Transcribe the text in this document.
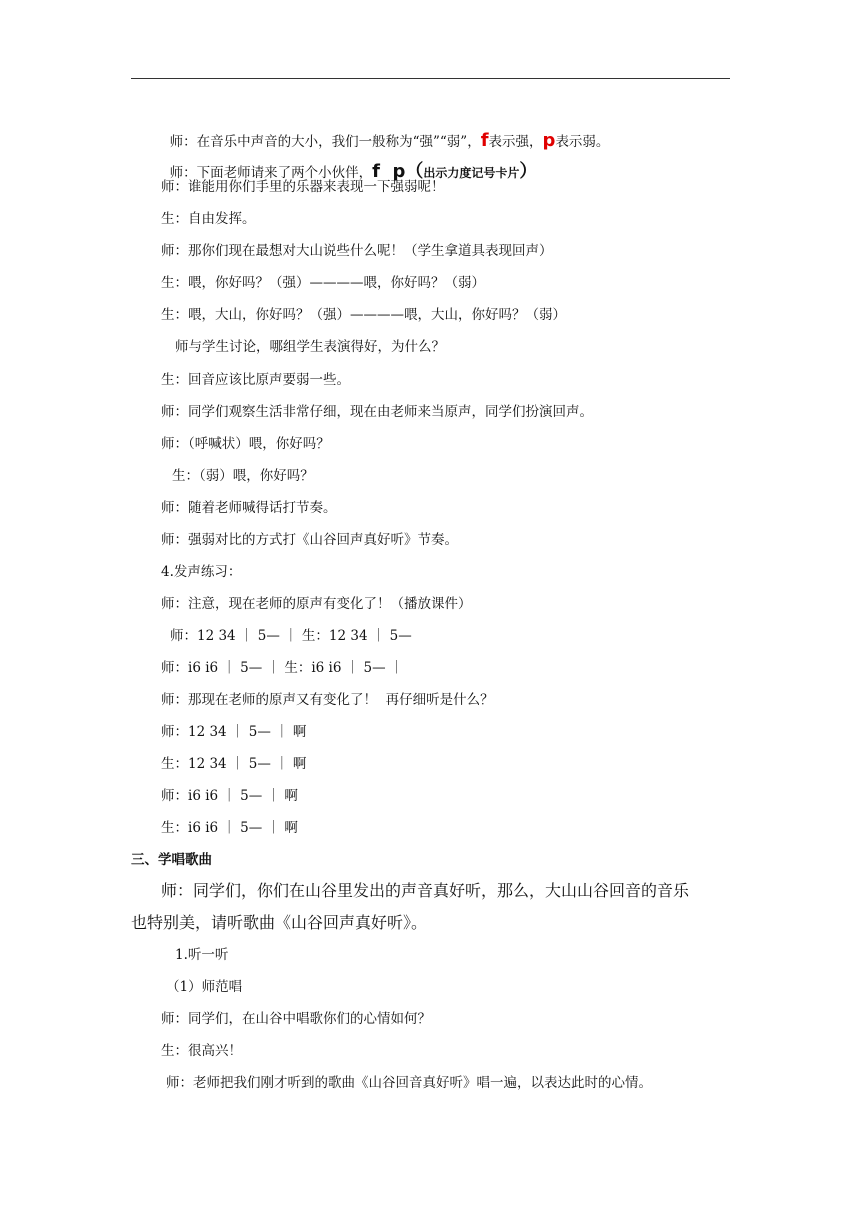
师：在音乐中声音的大小，我们一般称为“强”“弱”，f表示强，p表示弱。

师：下面老师请来了两个小伙伴，f  p（出示力度记号卡片）

师：谁能用你们手里的乐器来表现一下强弱呢！
生：自由发挥。
师：那你们现在最想对大山说些什么呢！（学生拿道具表现回声）
生：喂，你好吗？（强）————喂，你好吗？（弱）
生：喂，大山，你好吗？（强）————喂，大山，你好吗？（弱）
师与学生讨论，哪组学生表演得好，为什么？
生：回音应该比原声要弱一些。
师：同学们观察生活非常仔细，现在由老师来当原声，同学们扮演回声。
师：（呼喊状）喂，你好吗？
生：（弱）喂，你好吗？
师：随着老师喊得话打节奏。
师：强弱对比的方式打《山谷回声真好听》节奏。
4.发声练习：
师：注意，现在老师的原声有变化了！（播放课件）
师：12 34 ｜ 5— ｜ 生：12 34 ｜ 5—
师：i6 i6 ｜ 5— ｜ 生：i6 i6 ｜ 5— ｜
师：那现在老师的原声又有变化了！  再仔细听是什么？
师：12 34 ｜ 5— ｜ 啊
生：12 34 ｜ 5— ｜ 啊
师：i6 i6 ｜ 5— ｜ 啊
生：i6 i6 ｜ 5— ｜ 啊
三、学唱歌曲
师：同学们，你们在山谷里发出的声音真好听，那么，大山山谷回音的音乐
也特别美，请听歌曲《山谷回声真好听》。
1.听一听
（1）师范唱
师：同学们，在山谷中唱歌你们的心情如何？
生：很高兴！
师：老师把我们刚才听到的歌曲《山谷回音真好听》唱一遍，以表达此时的心情。
